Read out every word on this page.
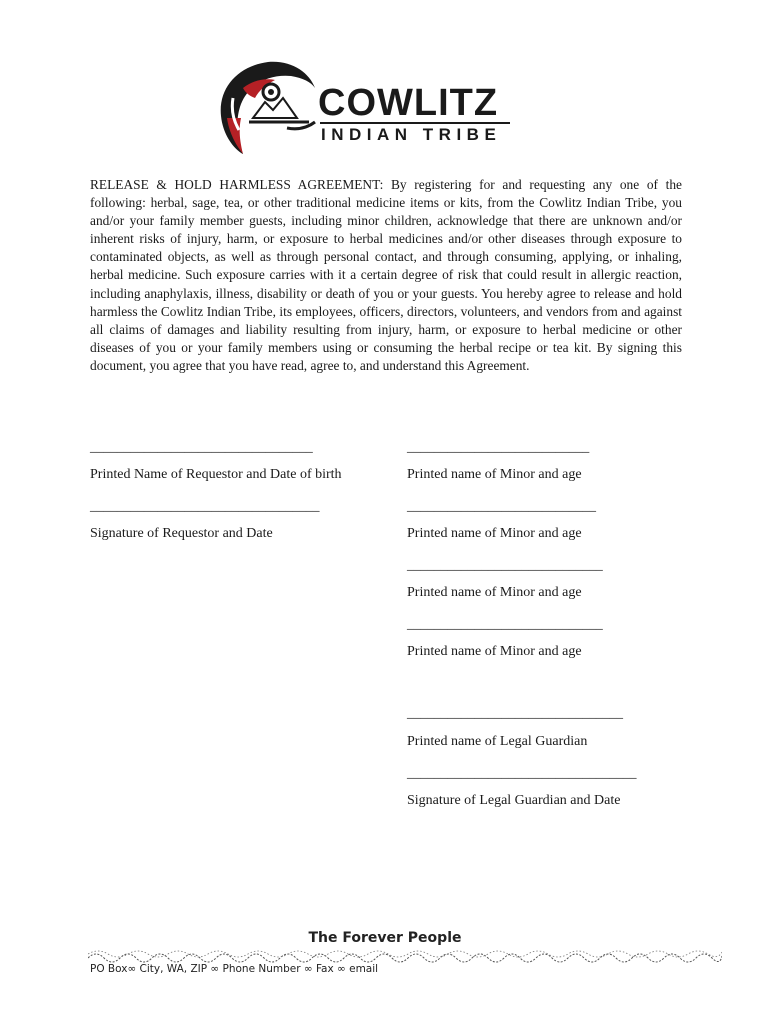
COWLITZ
INDIAN TRIBE

RELEASE & HOLD HARMLESS AGREEMENT: By registering for and requesting any one of the following: herbal, sage, tea, or other traditional medicine items or kits, from the Cowlitz Indian Tribe, you and/or your family member guests, including minor children, acknowledge that there are unknown and/or inherent risks of injury, harm, or exposure to herbal medicines and/or other diseases through exposure to contaminated objects, as well as through personal contact, and through consuming, applying, or inhaling, herbal medicine. Such exposure carries with it a certain degree of risk that could result in allergic reaction, including anaphylaxis, illness, disability or death of you or your guests. You hereby agree to release and hold harmless the Cowlitz Indian Tribe, its employees, officers, directors, volunteers, and vendors from and against all claims of damages and liability resulting from injury, harm, or exposure to herbal medicine or other diseases of you or your family members using or consuming the herbal recipe or tea kit. By signing this document, you agree that you have read, agree to, and understand this Agreement.

_________________________________
Printed Name of Requestor and Date of birth
__________________________________
Signature of Requestor and Date
___________________________
Printed name of Minor and age
____________________________
Printed name of Minor and age
_____________________________
Printed name of Minor and age
_____________________________
Printed name of Minor and age
________________________________
Printed name of Legal Guardian
__________________________________
Signature of Legal Guardian and Date
The Forever People
PO Box∞ City, WA, ZIP ∞ Phone Number ∞ Fax ∞ email
